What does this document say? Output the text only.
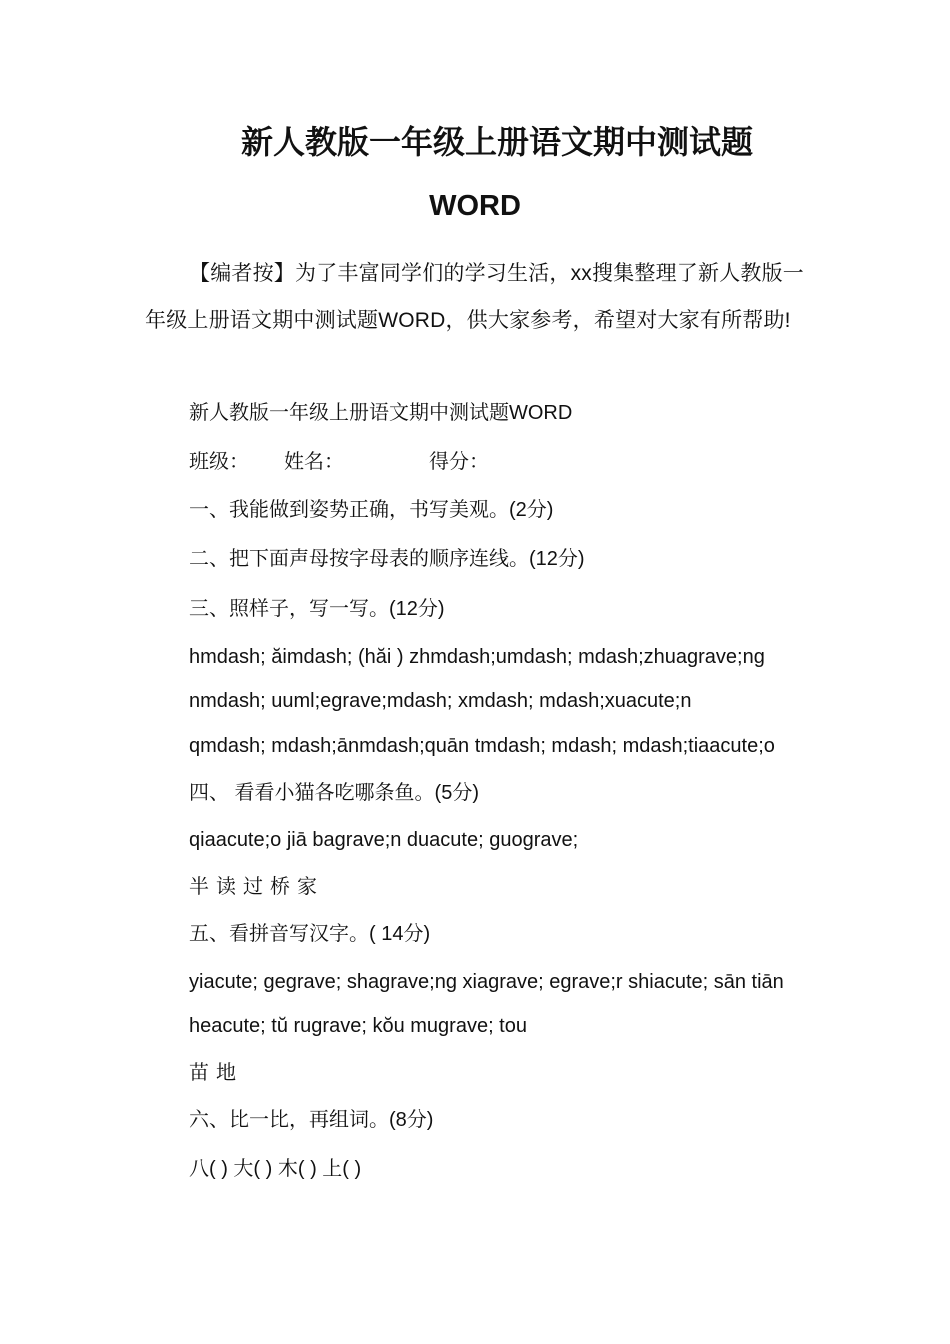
新人教版一年级上册语文期中测试题
WORD
【编者按】为了丰富同学们的学习生活，xx搜集整理了新人教版一年级上册语文期中测试题WORD，供大家参考，希望对大家有所帮助!
新人教版一年级上册语文期中测试题WORD
班级： 姓名：	得分：
一、我能做到姿势正确，书写美观。(2分)
二、把下面声母按字母表的顺序连线。(12分)
三、照样子，写一写。(12分)
hmdash; ăimdash; (hăi ) zhmdash;umdash; mdash;zhuagrave;ng
nmdash; uuml;egrave;mdash; xmdash; mdash;xuacute;n
qmdash; mdash;ānmdash;quān tmdash; mdash; mdash;tiaacute;o
四、 看看小猫各吃哪条鱼。(5分)
qiaacute;o jiā bagrave;n duacute; guograve;
半读过桥家
五、看拼音写汉字。( 14分)
yiacute; gegrave; shagrave;ng xiagrave; egrave;r shiacute; sān tiān
heacute; tŭ rugrave; kŏu mugrave; tou
苗地
六、比一比，再组词。(8分)
八( ) 大( ) 木( ) 上( )
